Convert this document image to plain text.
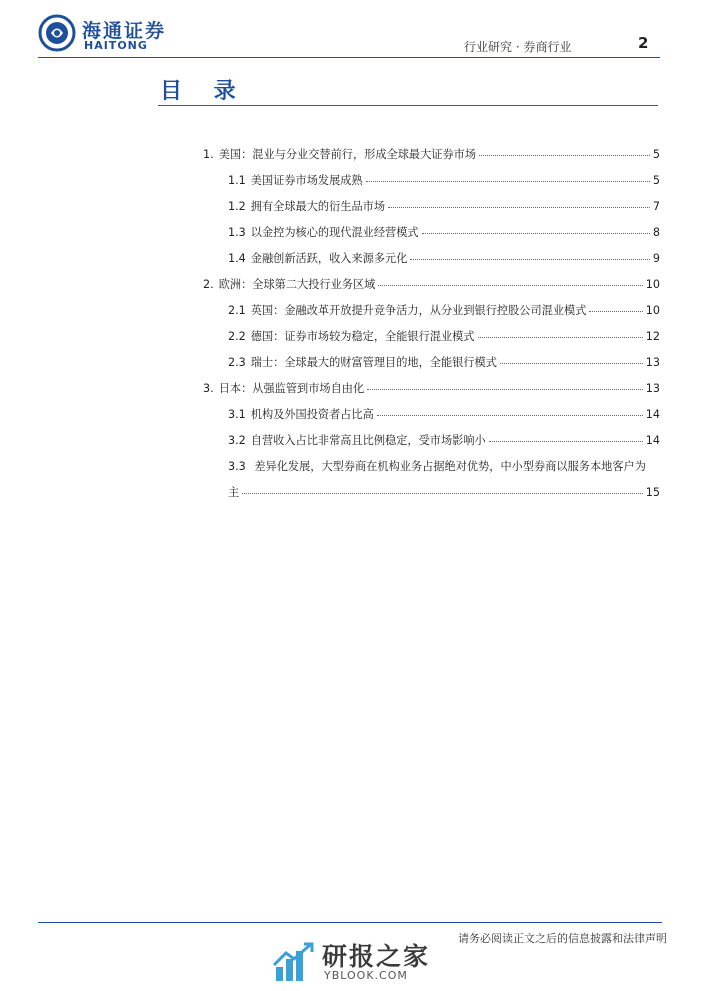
海通证券
HAITONG	行业研究 · 券商行业	2
目 录
1. 美国：混业与分业交替前行，形成全球最大证券市场	5
1.1 美国证券市场发展成熟	5
1.2 拥有全球最大的衍生品市场	7
1.3 以金控为核心的现代混业经营模式	8
1.4 金融创新活跃，收入来源多元化	9
2. 欧洲：全球第二大投行业务区域	10
2.1 英国：金融改革开放提升竞争活力，从分业到银行控股公司混业模式	10
2.2 德国：证券市场较为稳定，全能银行混业模式	12
2.3 瑞士：全球最大的财富管理目的地，全能银行模式	13
3. 日本：从强监管到市场自由化	13
3.1 机构及外国投资者占比高	14
3.2 自营收入占比非常高且比例稳定，受市场影响小	14
3.3 差异化发展，大型券商在机构业务占据绝对优势，中小型券商以服务本地客户为
主	15
请务必阅读正文之后的信息披露和法律声明
研报之家
YBLOOK.COM
